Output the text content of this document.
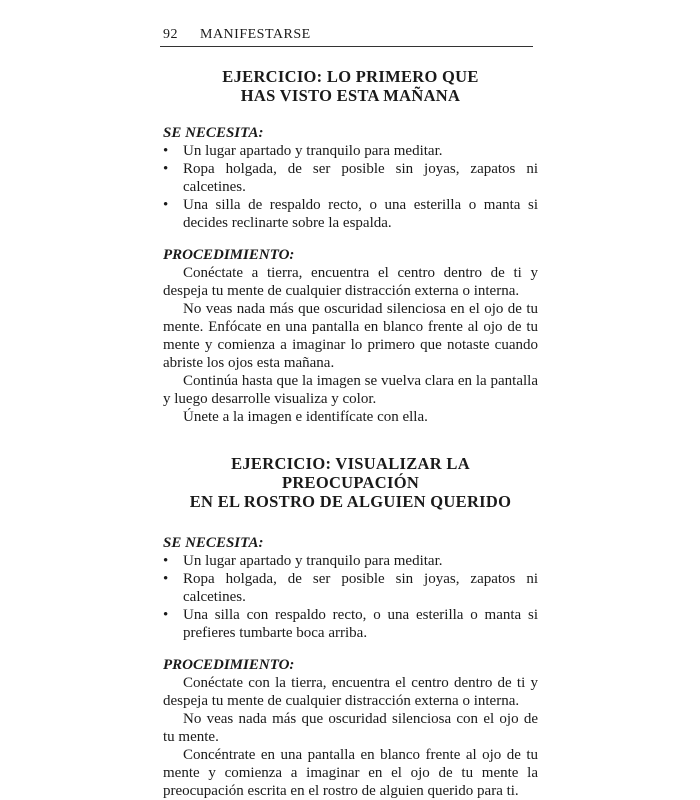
92 MANIFESTARSE
EJERCICIO: LO PRIMERO QUE
HAS VISTO ESTA MAÑANA

SE NECESITA:

• Un lugar apartado y tranquilo para meditar.
• Ropa holgada, de ser posible sin joyas, zapatos ni calcetines.
• Una silla de respaldo recto, o una esterilla o manta si decides reclinarte sobre la espalda.

PROCEDIMIENTO:

Conéctate a tierra, encuentra el centro dentro de ti y despeja tu mente de cualquier distracción externa o interna.

No veas nada más que oscuridad silenciosa en el ojo de tu mente. Enfócate en una pantalla en blanco frente al ojo de tu mente y comienza a imaginar lo primero que notaste cuando abriste los ojos esta mañana.

Continúa hasta que la imagen se vuelva clara en la pantalla y luego desarrolle visualiza y color.

Únete a la imagen e identifícate con ella.

EJERCICIO: VISUALIZAR LA PREOCUPACIÓN
EN EL ROSTRO DE ALGUIEN QUERIDO

SE NECESITA:

• Un lugar apartado y tranquilo para meditar.
• Ropa holgada, de ser posible sin joyas, zapatos ni calcetines.
• Una silla con respaldo recto, o una esterilla o manta si prefieres tumbarte boca arriba.

PROCEDIMIENTO:

Conéctate con la tierra, encuentra el centro dentro de ti y despeja tu mente de cualquier distracción externa o interna.

No veas nada más que oscuridad silenciosa con el ojo de tu mente.

Concéntrate en una pantalla en blanco frente al ojo de tu mente y comienza a imaginar en el ojo de tu mente la preocupación escrita en el rostro de alguien querido para ti.
